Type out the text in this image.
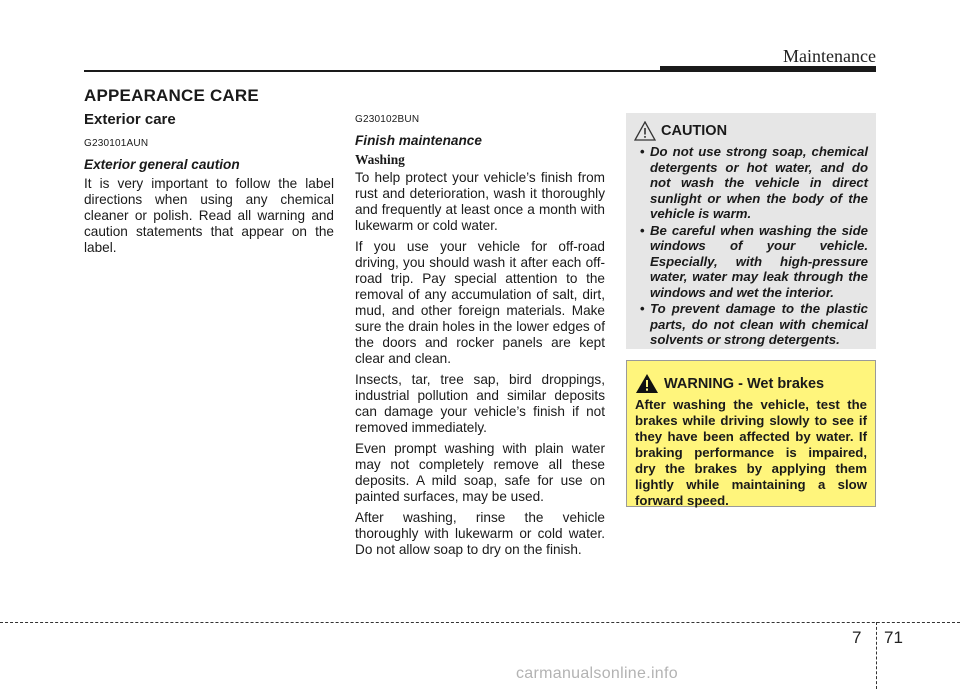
Maintenance
APPEARANCE CARE
Exterior care
G230101AUN
Exterior general caution
It is very important to follow the label directions when using any chemical cleaner or polish. Read all warning and caution statements that appear on the label.
G230102BUN
Finish maintenance
Washing
To help protect your vehicle’s finish from rust and deterioration, wash it thoroughly and frequently at least once a month with lukewarm or cold water.
If you use your vehicle for off-road driving, you should wash it after each off-road trip. Pay special attention to the removal of any accumulation of salt, dirt, mud, and other foreign materials. Make sure the drain holes in the lower edges of the doors and rocker panels are kept clear and clean.
Insects, tar, tree sap, bird droppings, industrial pollution and similar deposits can damage your vehicle’s finish if not removed immediately.
Even prompt washing with plain water may not completely remove all these deposits. A mild soap, safe for use on painted surfaces, may be used.
After washing, rinse the vehicle thoroughly with lukewarm or cold water. Do not allow soap to dry on the finish.
CAUTION
• Do not use strong soap, chemical detergents or hot water, and do not wash the vehicle in direct sunlight or when the body of the vehicle is warm.
• Be careful when washing the side windows of your vehicle. Especially, with high-pressure water, water may leak through the windows and wet the interior.
• To prevent damage to the plastic parts, do not clean with chemical solvents or strong detergents.
WARNING -
Wet brakes
After washing the vehicle, test the brakes while driving slowly to see if they have been affected by water. If braking performance is impaired, dry the brakes by applying them lightly while maintaining a slow forward speed.
7 71
carmanualsonline.info
